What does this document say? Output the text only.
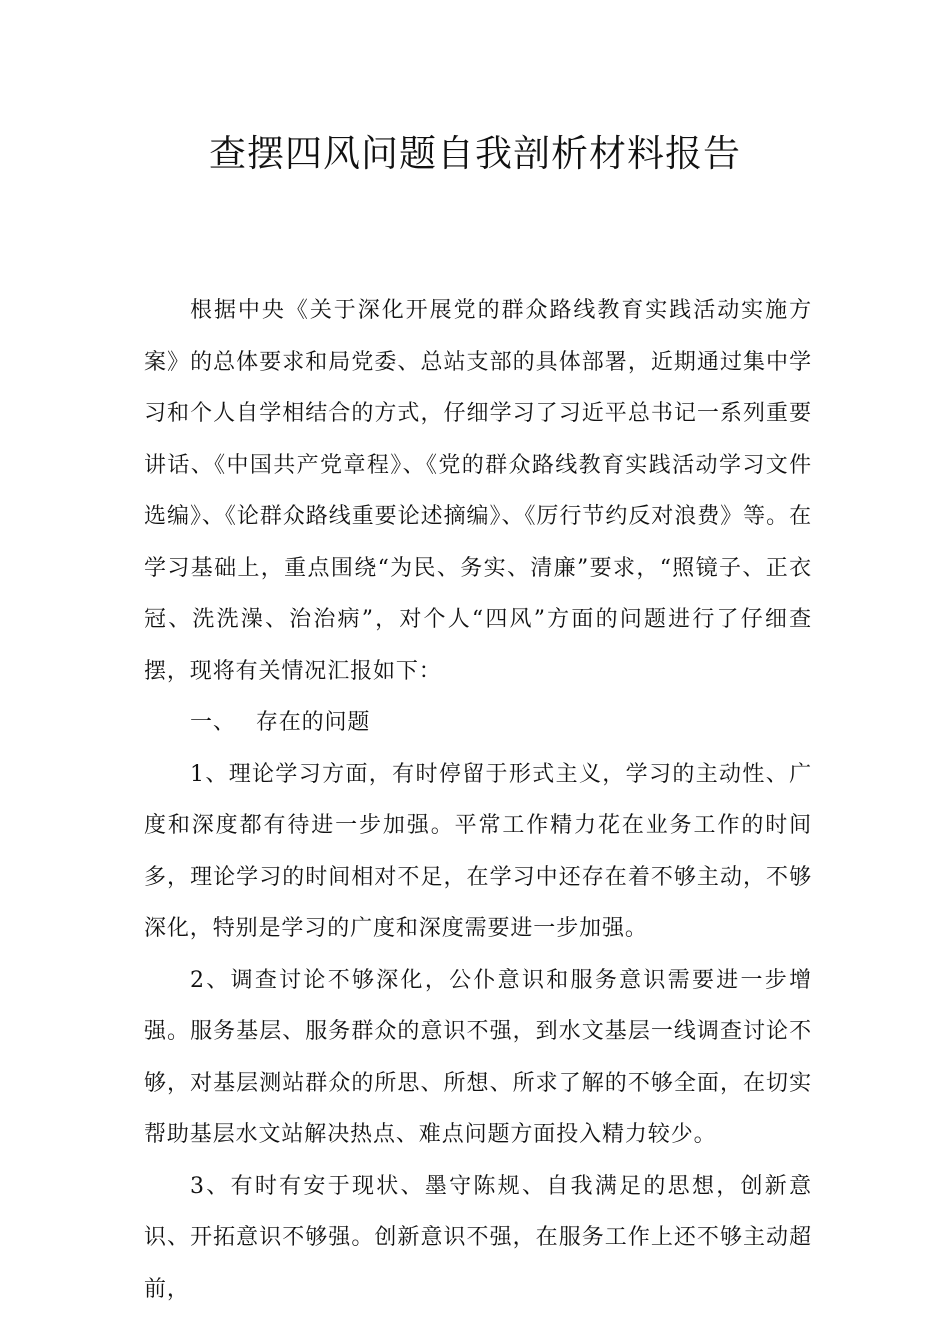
查摆四风问题自我剖析材料报告

根据中央《关于深化开展党的群众路线教育实践活动实施方案》的总体要求和局党委、总站支部的具体部署，近期通过集中学习和个人自学相结合的方式，仔细学习了习近平总书记一系列重要讲话、《中国共产党章程》、《党的群众路线教育实践活动学习文件选编》、《论群众路线重要论述摘编》、《厉行节约反对浪费》等。在学习基础上，重点围绕“为民、务实、清廉”要求，“照镜子、正衣冠、洗洗澡、治治病”，对个人“四风”方面的问题进行了仔细查摆，现将有关情况汇报如下：

一、 存在的问题

1、理论学习方面，有时停留于形式主义，学习的主动性、广度和深度都有待进一步加强。平常工作精力花在业务工作的时间多，理论学习的时间相对不足，在学习中还存在着不够主动，不够深化，特别是学习的广度和深度需要进一步加强。

2、调查讨论不够深化，公仆意识和服务意识需要进一步增强。服务基层、服务群众的意识不强，到水文基层一线调查讨论不够，对基层测站群众的所思、所想、所求了解的不够全面，在切实帮助基层水文站解决热点、难点问题方面投入精力较少。

3、有时有安于现状、墨守陈规、自我满足的思想，创新意识、开拓意识不够强。创新意识不强，在服务工作上还不够主动超前，
